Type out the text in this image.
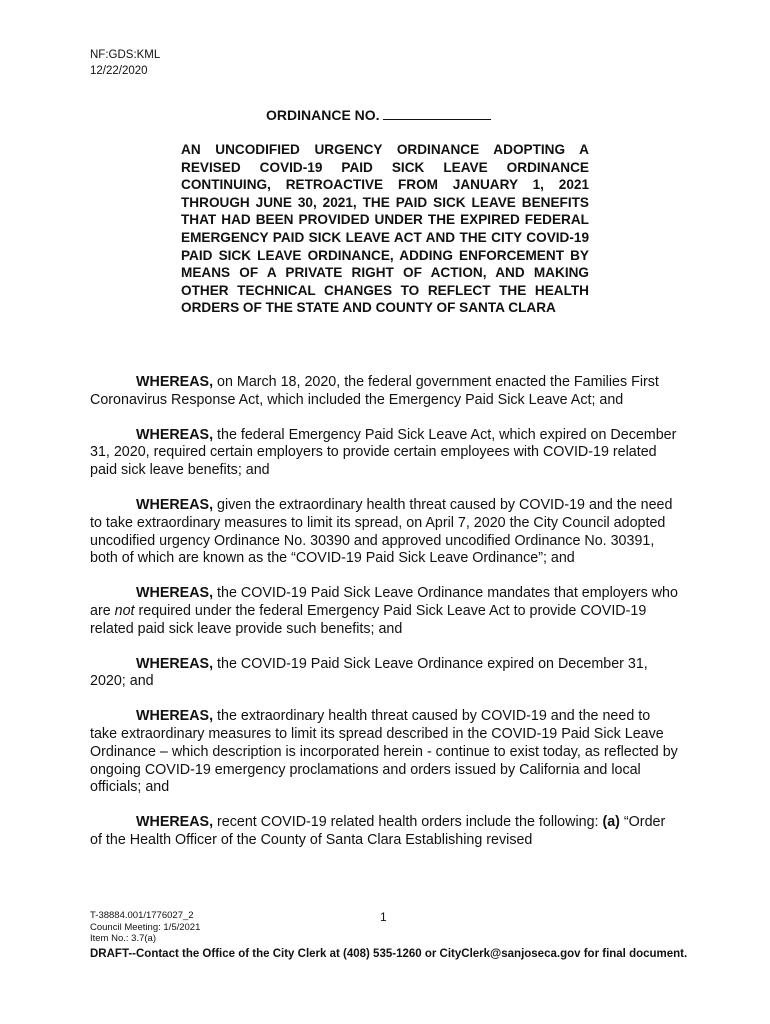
NF:GDS:KML
12/22/2020
ORDINANCE NO.
AN UNCODIFIED URGENCY ORDINANCE ADOPTING A REVISED COVID-19 PAID SICK LEAVE ORDINANCE CONTINUING, RETROACTIVE FROM JANUARY 1, 2021 THROUGH JUNE 30, 2021, THE PAID SICK LEAVE BENEFITS THAT HAD BEEN PROVIDED UNDER THE EXPIRED FEDERAL EMERGENCY PAID SICK LEAVE ACT AND THE CITY COVID-19 PAID SICK LEAVE ORDINANCE, ADDING ENFORCEMENT BY MEANS OF A PRIVATE RIGHT OF ACTION, AND MAKING OTHER TECHNICAL CHANGES TO REFLECT THE HEALTH ORDERS OF THE STATE AND COUNTY OF SANTA CLARA

WHEREAS, on March 18, 2020, the federal government enacted the Families First Coronavirus Response Act, which included the Emergency Paid Sick Leave Act; and

WHEREAS, the federal Emergency Paid Sick Leave Act, which expired on December 31, 2020, required certain employers to provide certain employees with COVID-19 related paid sick leave benefits; and

WHEREAS, given the extraordinary health threat caused by COVID-19 and the need to take extraordinary measures to limit its spread, on April 7, 2020 the City Council adopted uncodified urgency Ordinance No. 30390 and approved uncodified Ordinance No. 30391, both of which are known as the “COVID-19 Paid Sick Leave Ordinance”; and

WHEREAS, the COVID-19 Paid Sick Leave Ordinance mandates that employers who are not required under the federal Emergency Paid Sick Leave Act to provide COVID-19 related paid sick leave provide such benefits; and

WHEREAS, the COVID-19 Paid Sick Leave Ordinance expired on December 31, 2020; and

WHEREAS, the extraordinary health threat caused by COVID-19 and the need to take extraordinary measures to limit its spread described in the COVID-19 Paid Sick Leave Ordinance – which description is incorporated herein - continue to exist today, as reflected by ongoing COVID-19 emergency proclamations and orders issued by California and local officials; and

WHEREAS, recent COVID-19 related health orders include the following: (a) “Order of the Health Officer of the County of Santa Clara Establishing revised

1
T-38884.001/1776027_2
Council Meeting: 1/5/2021
Item No.: 3.7(a)
DRAFT--Contact the Office of the City Clerk at (408) 535-1260 or CityClerk@sanjoseca.gov for final document.
